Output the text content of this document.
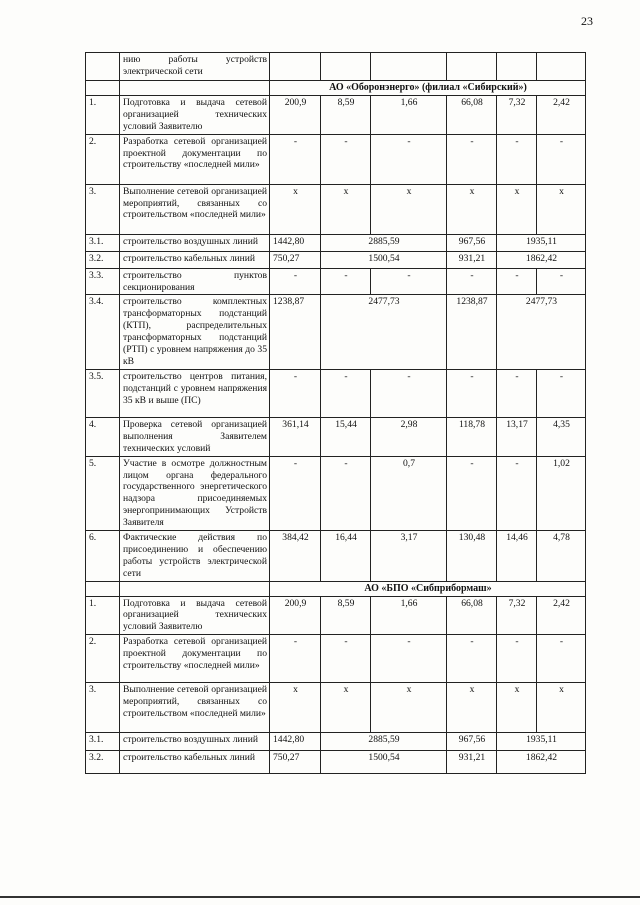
23
	нию работы устройств электрической сети						
		АО «Оборонэнерго» (филиал «Сибирский»)					
1.	Подготовка и выдача сетевой организацией технических условий Заявителю	200,9	8,59	1,66	66,08	7,32	2,42
2.	Разработка сетевой организацией проектной документации по строительству «последней мили»	-	-	-	-	-	-
3.	Выполнение сетевой организацией мероприятий, связанных со строительством «последней мили»	x	x	x	x	x	x
3.1.	строительство воздушных линий	1442,80	2885,59		967,56	1935,11	
3.2.	строительство кабельных линий	750,27	1500,54		931,21	1862,42	
3.3.	строительство пунктов секционирования	-	-	-	-	-	-
3.4.	строительство комплектных трансформаторных подстанций (КТП), распределительных трансформаторных подстанций (РТП) с уровнем напряжения до 35 кВ	1238,87	2477,73		1238,87	2477,73	
3.5.	строительство центров питания, подстанций с уровнем напряжения 35 кВ и выше (ПС)	-	-	-	-	-	-
4.	Проверка сетевой организацией выполнения Заявителем технических условий	361,14	15,44	2,98	118,78	13,17	4,35
5.	Участие в осмотре должностным лицом органа федерального государственного энергетического надзора присоединяемых энергопринимающих Устройств Заявителя	-	-	0,7	-	-	1,02
6.	Фактические действия по присоединению и обеспечению работы устройств электрической сети	384,42	16,44	3,17	130,48	14,46	4,78
		АО «БПО «Сибприбормаш»					
1.	Подготовка и выдача сетевой организацией технических условий Заявителю	200,9	8,59	1,66	66,08	7,32	2,42
2.	Разработка сетевой организацией проектной документации по строительству «последней мили»	-	-	-	-	-	-
3.	Выполнение сетевой организацией мероприятий, связанных со строительством «последней мили»	x	x	x	x	x	x
3.1.	строительство воздушных линий	1442,80	2885,59		967,56	1935,11	
3.2.	строительство кабельных линий	750,27	1500,54		931,21	1862,42	
